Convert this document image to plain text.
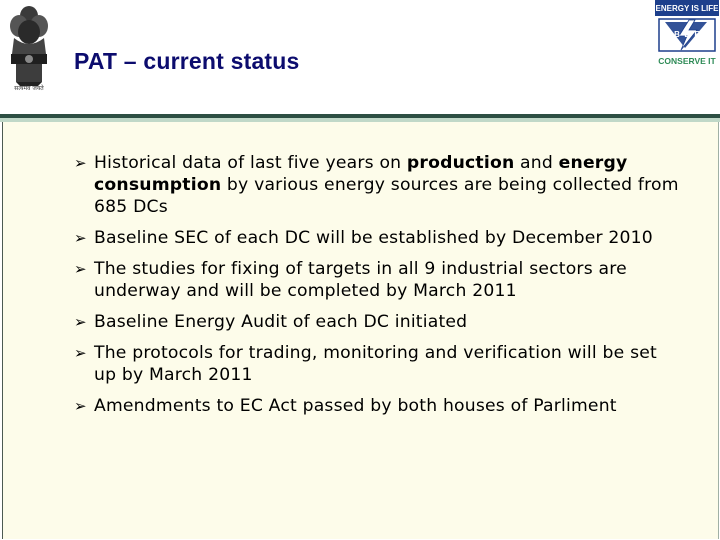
सत्यमेव जयते
PAT – current status
ENERGY IS LIFE
B E E
CONSERVE IT
➢ Historical data of last five years on production and energy consumption by various energy sources are being collected from 685 DCs
➢ Baseline SEC of each DC will be established by December 2010
➢ The studies for fixing of targets in all 9 industrial sectors are underway and will be completed by March 2011
➢ Baseline Energy Audit of each DC initiated
➢ The protocols for trading, monitoring and verification will be set up by March 2011
➢ Amendments to EC Act passed by both houses of Parliment
